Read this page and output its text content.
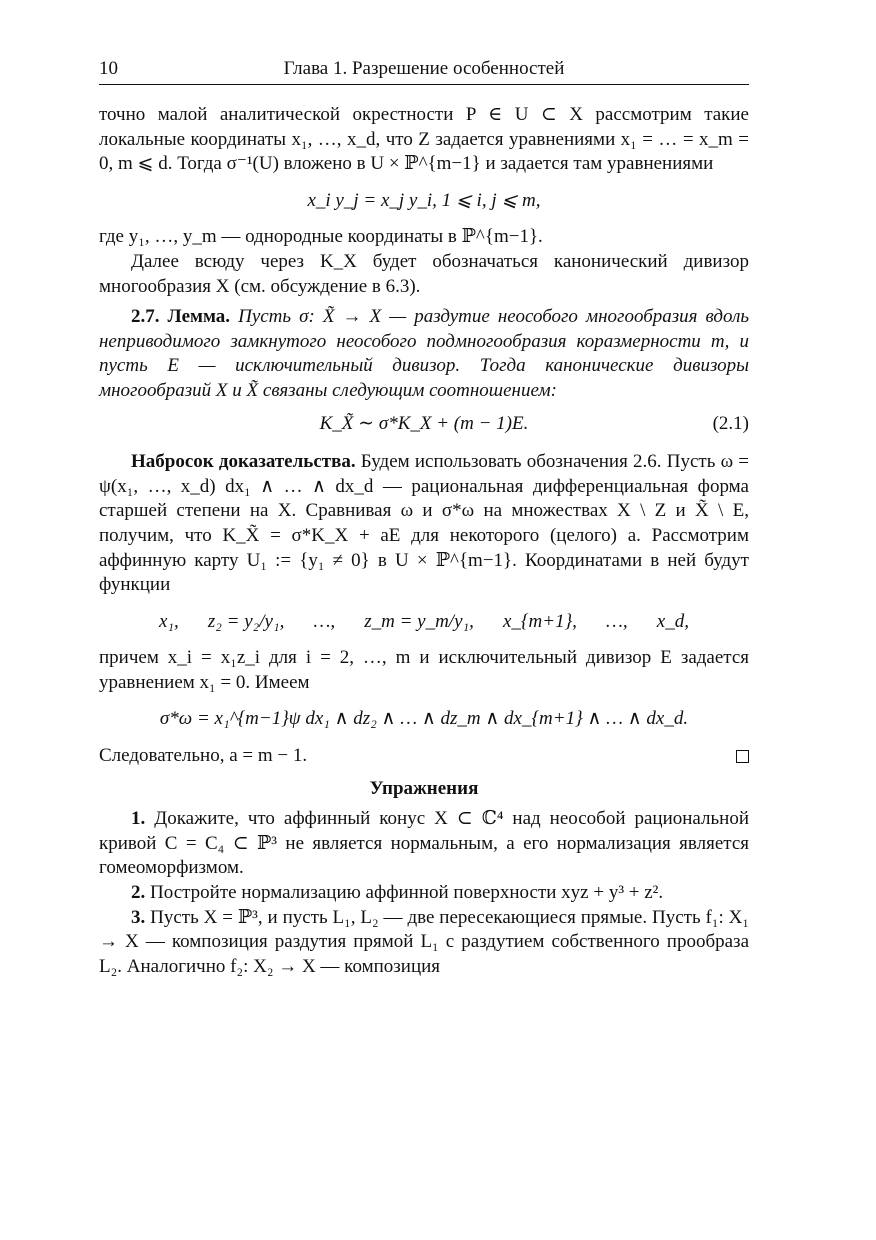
10	Глава 1. Разрешение особенностей

точно малой аналитической окрестности P ∈ U ⊂ X рассмотрим такие локальные координаты x₁, …, x_d, что Z задается уравнениями x₁ = … = x_m = 0, m ⩽ d. Тогда σ⁻¹(U) вложено в U × ℙ^{m−1} и задается там уравнениями

x_i y_j = x_j y_i, 1 ⩽ i, j ⩽ m,

где y₁, …, y_m — однородные координаты в ℙ^{m−1}.

Далее всюду через K_X будет обозначаться канонический дивизор многообразия X (см. обсуждение в 6.3).

2.7. Лемма. Пусть σ: X̃ → X — раздутие неособого многообразия вдоль неприводимого замкнутого неособого подмногообразия коразмерности m, и пусть E — исключительный дивизор. Тогда канонические дивизоры многообразий X и X̃ связаны следующим соотношением:

K_X̃ ∼ σ*K_X + (m − 1)E.	(2.1)

Набросок доказательства. Будем использовать обозначения 2.6. Пусть ω = ψ(x₁, …, x_d) dx₁ ∧ … ∧ dx_d — рациональная дифференциальная форма старшей степени на X. Сравнивая ω и σ*ω на множествах X \ Z и X̃ \ E, получим, что K_X̃ = σ*K_X + aE для некоторого (целого) a. Рассмотрим аффинную карту U₁ := {y₁ ≠ 0} в U × ℙ^{m−1}. Координатами в ней будут функции

x₁, z₂ = y₂/y₁, …, z_m = y_m/y₁, x_{m+1}, …, x_d,

причем x_i = x₁z_i для i = 2, …, m и исключительный дивизор E задается уравнением x₁ = 0. Имеем

σ*ω = x₁^{m−1}ψ dx₁ ∧ dz₂ ∧ … ∧ dz_m ∧ dx_{m+1} ∧ … ∧ dx_d.

Следовательно, a = m − 1.

Упражнения

1. Докажите, что аффинный конус X ⊂ ℂ⁴ над неособой рациональной кривой C = C₄ ⊂ ℙ³ не является нормальным, а его нормализация является гомеоморфизмом.

2. Постройте нормализацию аффинной поверхности xyz + y³ + z².

3. Пусть X = ℙ³, и пусть L₁, L₂ — две пересекающиеся прямые. Пусть f₁: X₁ → X — композиция раздутия прямой L₁ с раздутием собственного прообраза L₂. Аналогично f₂: X₂ → X — композиция
